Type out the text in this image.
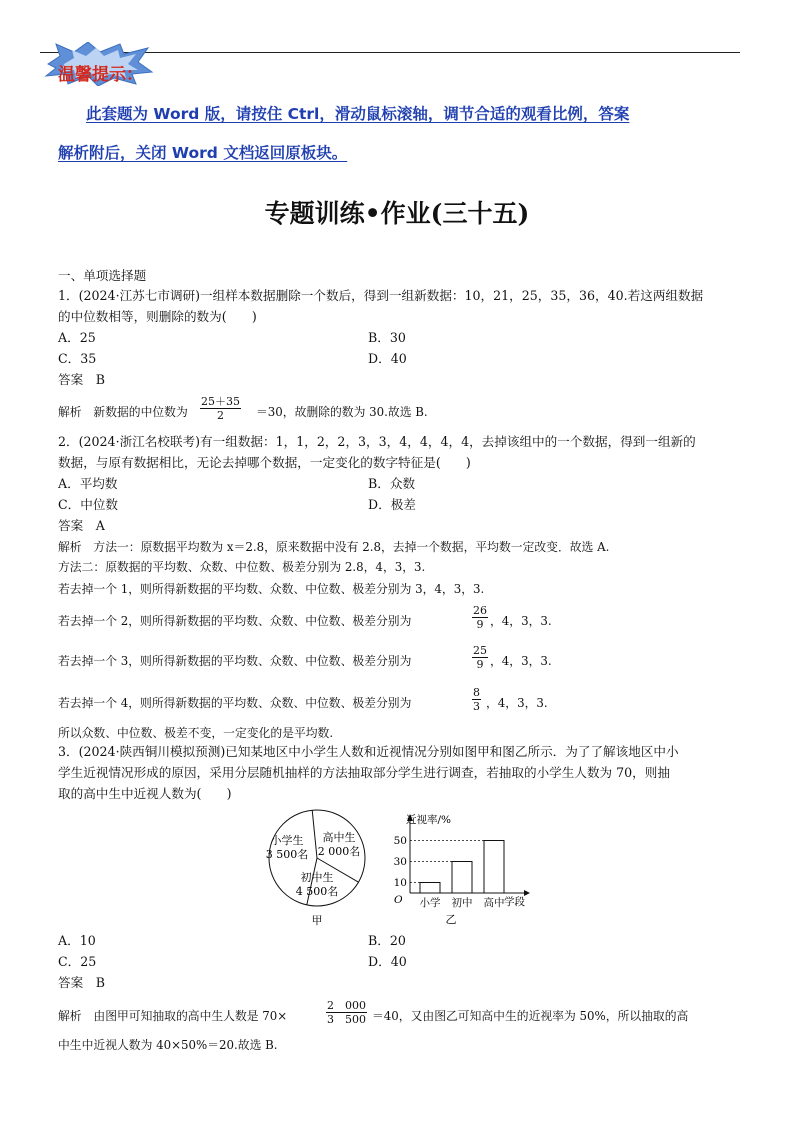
温馨提示：
此套题为 Word 版，请按住 Ctrl，滑动鼠标滚轴，调节合适的观看比例，答案
解析附后，关闭 Word 文档返回原板块。
专题训练•作业(三十五)
一、单项选择题
1．(2024·江苏七市调研)一组样本数据删除一个数后，得到一组新数据：10，21，25，35，36，40.若这两组数据
的中位数相等，则删除的数为(　　)
A．25	B．30
C．35	D．40
答案　B
解析　新数据的中位数为 $\frac{25+35}{2} =30$，故删除的数为 30.故选 B.
2．(2024·浙江名校联考)有一组数据：1，1，2，2，3，3，4，4，4，4，去掉该组中的一个数据，得到一组新的
数据，与原有数据相比，无论去掉哪个数据，一定变化的数字特征是(　　)
A．平均数	B．众数
C．中位数	D．极差
答案　A
解析　方法一：原数据平均数为 x＝2.8，原来数据中没有 2.8，去掉一个数据，平均数一定改变．故选 A.
方法二：原数据的平均数、众数、中位数、极差分别为 2.8，4，3，3.
若去掉一个 1，则所得新数据的平均数、众数、中位数、极差分别为 3，4，3，3.
若去掉一个 2，则所得新数据的平均数、众数、中位数、极差分别为	$\frac{26}{9}$ ，4，3，3.
若去掉一个 3，则所得新数据的平均数、众数、中位数、极差分别为	$\frac{25}{9}$ ，4，3，3.
若去掉一个 4，则所得新数据的平均数、众数、中位数、极差分别为	$\frac{8}{3}$ ，4，3，3.
所以众数、中位数、极差不变，一定变化的是平均数.
3．(2024·陕西铜川模拟预测)已知某地区中小学生人数和近视情况分别如图甲和图乙所示．为了了解该地区中小
学生近视情况形成的原因，采用分层随机抽样的方法抽取部分学生进行调查，若抽取的小学生人数为 70，则抽
取的高中生中近视人数为(　　)
小学生
3 500名
高中生
2 000名
初中生
4 500名
甲
小学 初中 高中
10
30
50
近视率/%
学段
O
乙
A．10	B．20
C．25	D．40
答案　B
解析　由图甲可知抽取的高中生人数是 70×	$\frac{2 000}{3 500} =40$，又由图乙可知高中生的近视率为 50%，所以抽取的高
中生中近视人数为 40×50%＝20.故选 B.
